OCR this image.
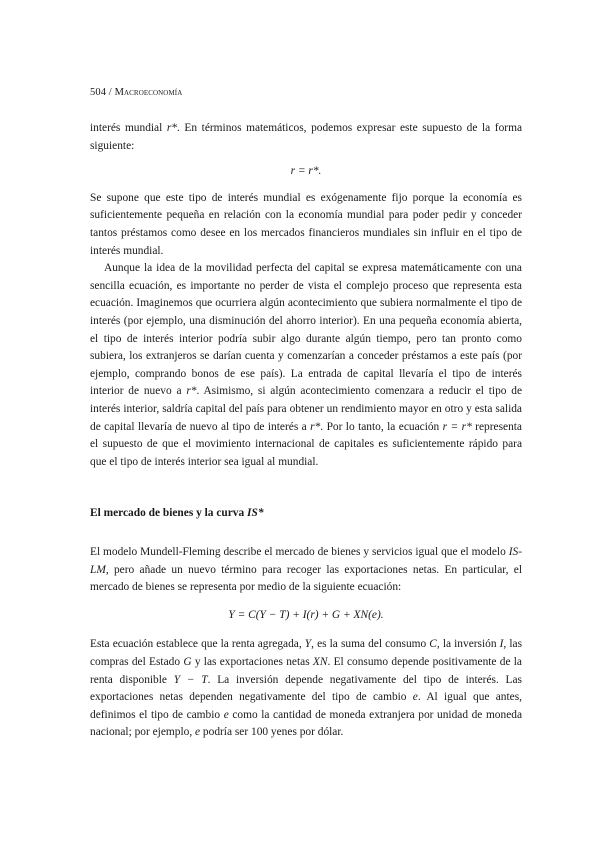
504 / Macroeconomía

interés mundial r*. En términos matemáticos, podemos expresar este supuesto de la forma siguiente:

r = r*.

Se supone que este tipo de interés mundial es exógenamente fijo porque la economía es suficientemente pequeña en relación con la economía mundial para poder pedir y conceder tantos préstamos como desee en los mercados financieros mundiales sin influir en el tipo de interés mundial.

Aunque la idea de la movilidad perfecta del capital se expresa matemáticamente con una sencilla ecuación, es importante no perder de vista el complejo proceso que representa esta ecuación. Imaginemos que ocurriera algún acontecimiento que subiera normalmente el tipo de interés (por ejemplo, una disminución del ahorro interior). En una pequeña economía abierta, el tipo de interés interior podría subir algo durante algún tiempo, pero tan pronto como subiera, los extranjeros se darían cuenta y comenzarían a conceder préstamos a este país (por ejemplo, comprando bonos de ese país). La entrada de capital llevaría el tipo de interés interior de nuevo a r*. Asimismo, si algún acontecimiento comenzara a reducir el tipo de interés interior, saldría capital del país para obtener un rendimiento mayor en otro y esta salida de capital llevaría de nuevo al tipo de interés a r*. Por lo tanto, la ecuación r = r* representa el supuesto de que el movimiento internacional de capitales es suficientemente rápido para que el tipo de interés interior sea igual al mundial.

El mercado de bienes y la curva IS*

El modelo Mundell-Fleming describe el mercado de bienes y servicios igual que el modelo IS-LM, pero añade un nuevo término para recoger las exportaciones netas. En particular, el mercado de bienes se representa por medio de la siguiente ecuación:

Y = C(Y − T) + I(r) + G + XN(e).

Esta ecuación establece que la renta agregada, Y, es la suma del consumo C, la inversión I, las compras del Estado G y las exportaciones netas XN. El consumo depende positivamente de la renta disponible Y − T. La inversión depende negativamente del tipo de interés. Las exportaciones netas dependen negativamente del tipo de cambio e. Al igual que antes, definimos el tipo de cambio e como la cantidad de moneda extranjera por unidad de moneda nacional; por ejemplo, e podría ser 100 yenes por dólar.
